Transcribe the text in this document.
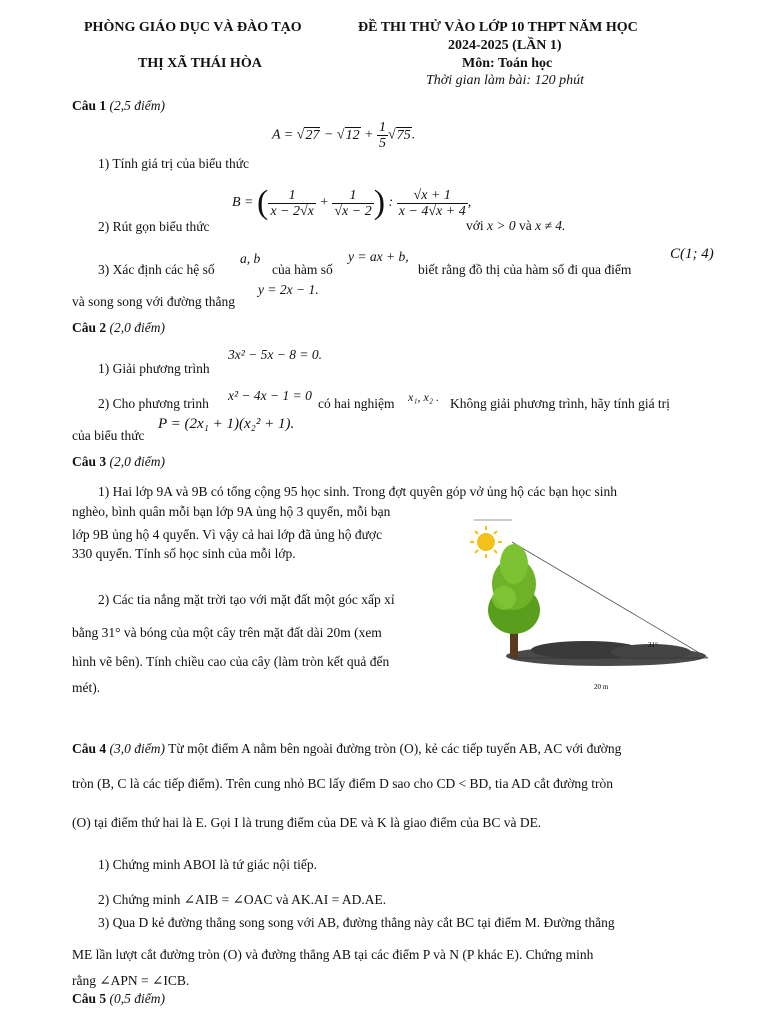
PHÒNG GIÁO DỤC VÀ ĐÀO TẠO
THỊ XÃ THÁI HÒA
ĐỀ THI THỬ VÀO LỚP 10 THPT NĂM HỌC
2024-2025 (LẦN 1)
Môn: Toán học
Thời gian làm bài: 120 phút
Câu 1 (2,5 điểm)
$A = √27 - √12 + \frac{1}{5} √75$.
1) Tính giá trị của biểu thức
B = ( $\frac{1}{x - 2√x} + \frac{1}{√x - 2}$ ) : $\frac{√x + 1}{x - 4√x + 4}$ ,
2) Rút gọn biểu thức	với x > 0 và x ≠ 4.
3) Xác định các hệ số
a, b
của hàm số
y = ax + b,
biết rằng đồ thị của hàm số đi qua điểm
C(1; 4)
và song song với đường thẳng
y = 2x − 1.
Câu 2 (2,0 điểm)
1) Giải phương trình
3x² − 5x − 8 = 0.
2) Cho phương trình
x² − 4x − 1 = 0
có hai nghiệm x₁, x₂ . Không giải phương trình, hãy tính giá trị
của biểu thức
P = (2x₁ + 1)(x₂² + 1).
Câu 3 (2,0 điểm)
1) Hai lớp 9A và 9B có tổng cộng 95 học sinh. Trong đợt quyên góp vở ủng hộ các bạn học sinh
nghèo, bình quân mỗi bạn lớp 9A ủng hộ 3 quyển, mỗi bạn
lớp 9B ủng hộ 4 quyển. Vì vậy cả hai lớp đã ủng hộ được
330 quyển. Tính số học sinh của mỗi lớp.
2) Các tia nắng mặt trời tạo với mặt đất một góc xấp xỉ
bằng 31° và bóng của một cây trên mặt đất dài 20m (xem
hình vẽ bên). Tính chiều cao của cây (làm tròn kết quả đến
mét).
31°
20 m
Câu 4 (3,0 điểm) Từ một điểm A nằm bên ngoài đường tròn (O), kẻ các tiếp tuyến AB, AC với đường
tròn (B, C là các tiếp điểm). Trên cung nhỏ BC lấy điểm D sao cho CD < BD, tia AD cắt đường tròn
(O) tại điểm thứ hai là E. Gọi I là trung điểm của DE và K là giao điểm của BC và DE.
1) Chứng minh ABOI là tứ giác nội tiếp.
2) Chứng minh ∠AIB = ∠OAC và AK.AI = AD.AE.
3) Qua D kẻ đường thẳng song song với AB, đường thẳng này cắt BC tại điểm M. Đường thẳng
ME lần lượt cắt đường tròn (O) và đường thẳng AB tại các điểm P và N (P khác E). Chứng minh
rằng ∠APN = ∠ICB.
Câu 5 (0,5 điểm)
